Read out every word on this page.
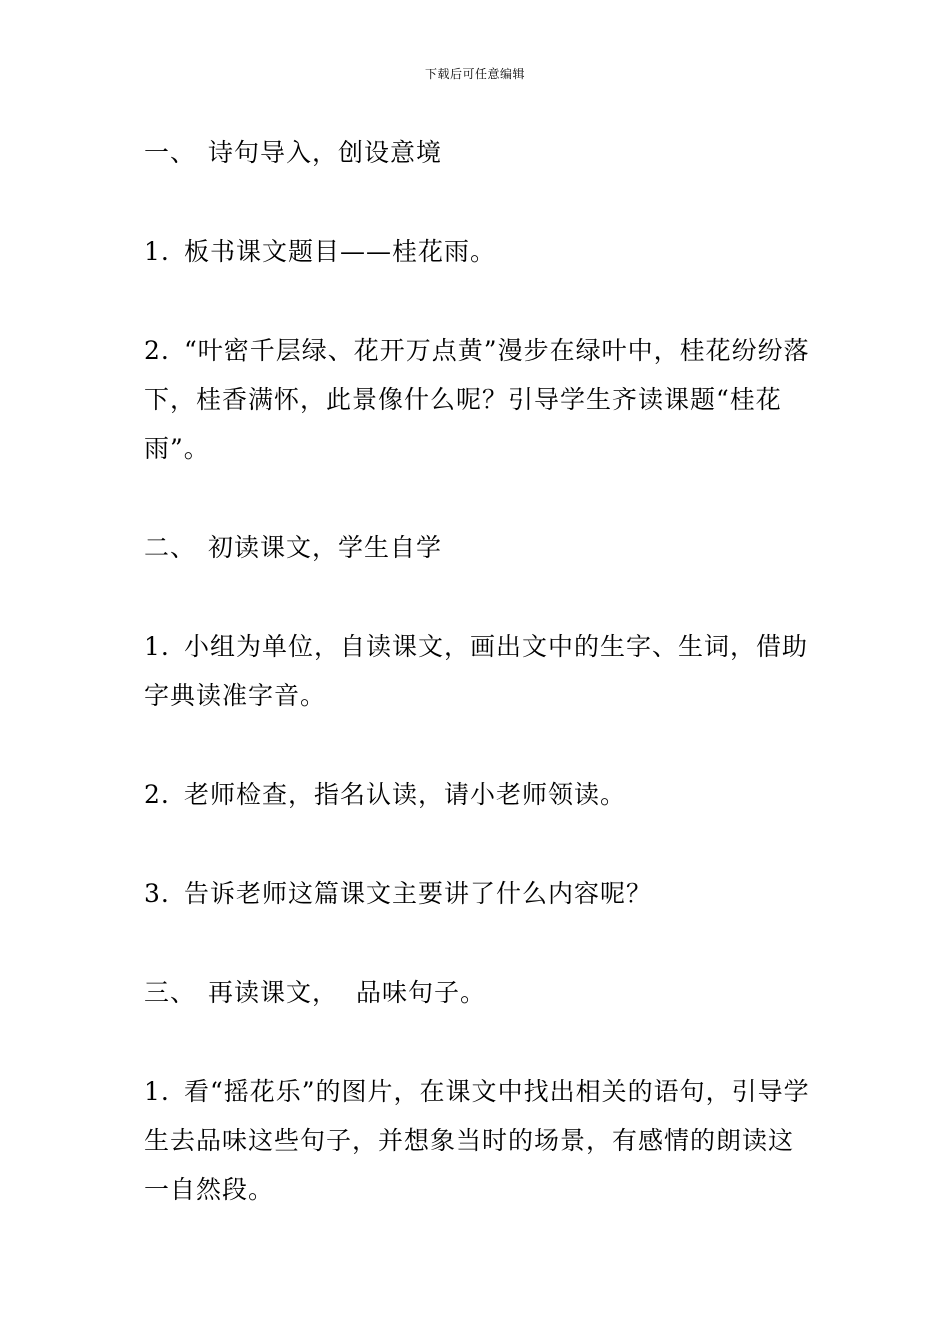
下载后可任意编辑
一、 诗句导入，创设意境
1. 板书课文题目——桂花雨。
2. “叶密千层绿、花开万点黄”漫步在绿叶中，桂花纷纷落下，桂香满怀，此景像什么呢？引导学生齐读课题“桂花雨”。
二、 初读课文，学生自学
1. 小组为单位，自读课文，画出文中的生字、生词，借助字典读准字音。
2. 老师检查，指名认读，请小老师领读。
3. 告诉老师这篇课文主要讲了什么内容呢？
三、 再读课文， 品味句子。
1. 看“摇花乐”的图片，在课文中找出相关的语句，引导学生去品味这些句子，并想象当时的场景，有感情的朗读这一自然段。
